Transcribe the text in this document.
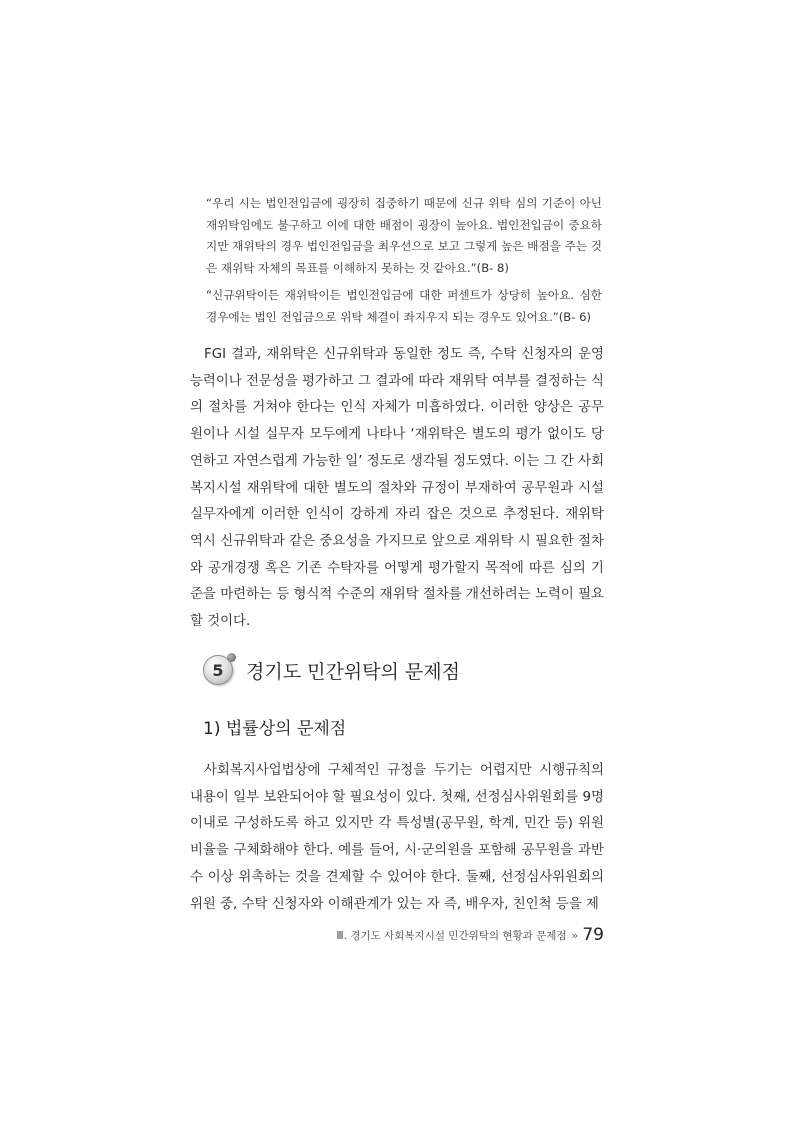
“우리 시는 법인전입금에 굉장히 집중하기 때문에 신규 위탁 심의 기준이 아닌 재위탁임에도 불구하고 이에 대한 배점이 굉장이 높아요. 법인전입금이 중요하지만 재위탁의 경우 법인전입금을 최우선으로 보고 그렇게 높은 배점을 주는 것은 재위탁 자체의 목표를 이해하지 못하는 것 같아요.”(B- 8)

“신규위탁이든 재위탁이든 법인전입금에 대한 퍼센트가 상당히 높아요. 심한 경우에는 법인 전입금으로 위탁 체결이 좌지우지 되는 경우도 있어요.”(B- 6)

FGI 결과, 재위탁은 신규위탁과 동일한 정도 즉, 수탁 신청자의 운영능력이나 전문성을 평가하고 그 결과에 따라 재위탁 여부를 결정하는 식의 절차를 거쳐야 한다는 인식 자체가 미흡하였다. 이러한 양상은 공무원이나 시설 실무자 모두에게 나타나 ‘재위탁은 별도의 평가 없이도 당연하고 자연스럽게 가능한 일’ 정도로 생각될 정도였다. 이는 그 간 사회복지시설 재위탁에 대한 별도의 절차와 규정이 부재하여 공무원과 시설 실무자에게 이러한 인식이 강하게 자리 잡은 것으로 추정된다. 재위탁 역시 신규위탁과 같은 중요성을 가지므로 앞으로 재위탁 시 필요한 절차와 공개경쟁 혹은 기존 수탁자를 어떻게 평가할지 목적에 따른 심의 기준을 마련하는 등 형식적 수준의 재위탁 절차를 개선하려는 노력이 필요할 것이다.

5 경기도 민간위탁의 문제점
1) 법률상의 문제점

사회복지사업법상에 구체적인 규정을 두기는 어렵지만 시행규칙의 내용이 일부 보완되어야 할 필요성이 있다. 첫째, 선정심사위원회를 9명 이내로 구성하도록 하고 있지만 각 특성별(공무원, 학계, 민간 등) 위원 비율을 구체화해야 한다. 예를 들어, 시·군의원을 포함해 공무원을 과반수 이상 위촉하는 것을 견제할 수 있어야 한다. 둘째, 선정심사위원회의 위원 중, 수탁 신청자와 이해관계가 있는 자 즉, 배우자, 친인척 등을 제

Ⅲ. 경기도 사회복지시설 민간위탁의 현황과 문제점 ›› 79
